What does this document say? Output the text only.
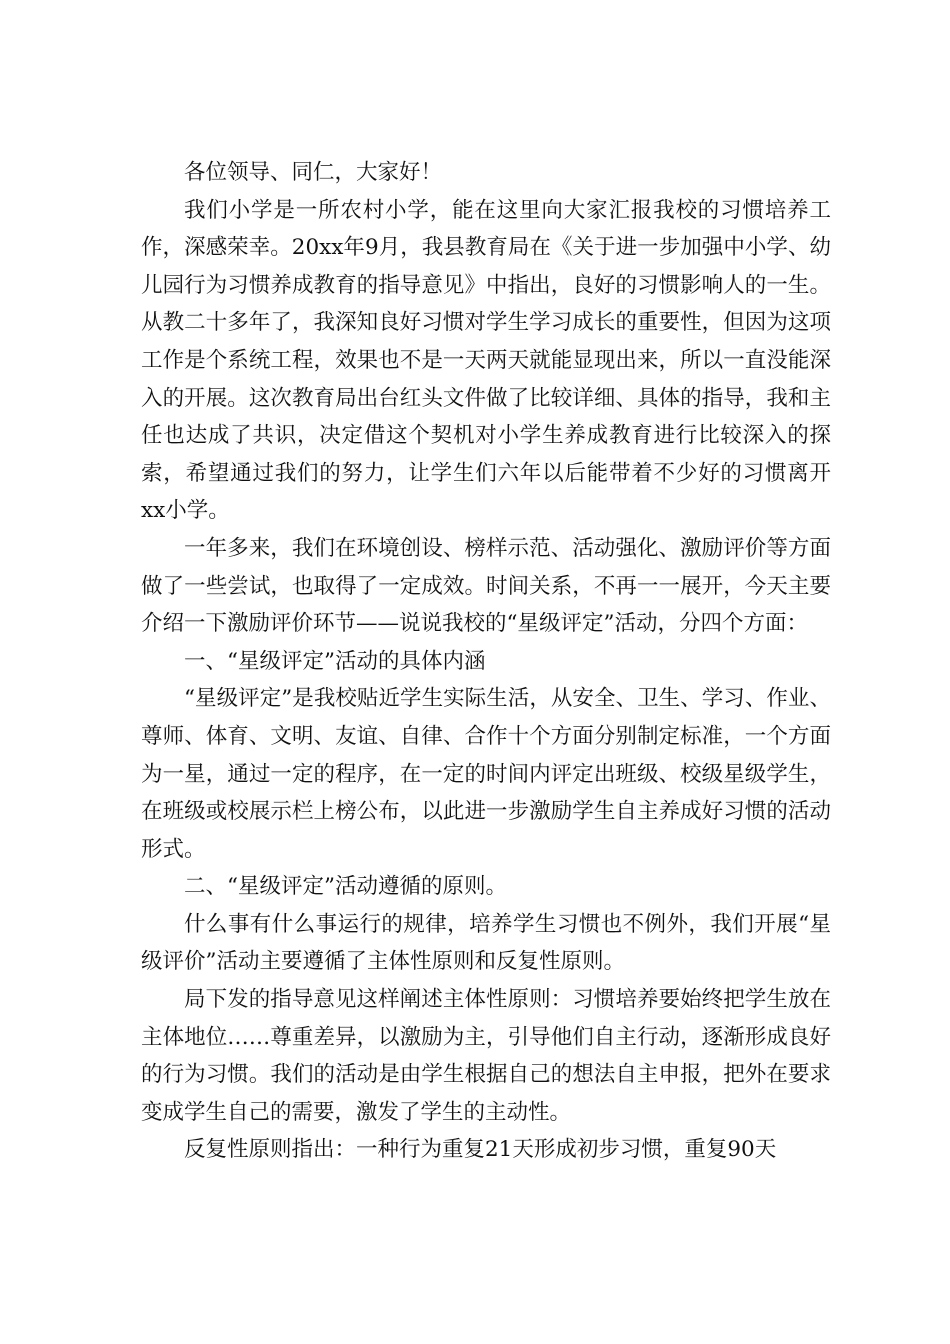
各位领导、同仁，大家好！

我们小学是一所农村小学，能在这里向大家汇报我校的习惯培养工作，深感荣幸。20xx年9月，我县教育局在《关于进一步加强中小学、幼儿园行为习惯养成教育的指导意见》中指出，良好的习惯影响人的一生。从教二十多年了，我深知良好习惯对学生学习成长的重要性，但因为这项工作是个系统工程，效果也不是一天两天就能显现出来，所以一直没能深入的开展。这次教育局出台红头文件做了比较详细、具体的指导，我和主任也达成了共识，决定借这个契机对小学生养成教育进行比较深入的探索，希望通过我们的努力，让学生们六年以后能带着不少好的习惯离开xx小学。

一年多来，我们在环境创设、榜样示范、活动强化、激励评价等方面做了一些尝试，也取得了一定成效。时间关系，不再一一展开，今天主要介绍一下激励评价环节——说说我校的“星级评定”活动，分四个方面：

一、“星级评定”活动的具体内涵

“星级评定”是我校贴近学生实际生活，从安全、卫生、学习、作业、尊师、体育、文明、友谊、自律、合作十个方面分别制定标准，一个方面为一星，通过一定的程序，在一定的时间内评定出班级、校级星级学生，在班级或校展示栏上榜公布，以此进一步激励学生自主养成好习惯的活动形式。

二、“星级评定”活动遵循的原则。

什么事有什么事运行的规律，培养学生习惯也不例外，我们开展“星级评价”活动主要遵循了主体性原则和反复性原则。

局下发的指导意见这样阐述主体性原则：习惯培养要始终把学生放在主体地位……尊重差异，以激励为主，引导他们自主行动，逐渐形成良好的行为习惯。我们的活动是由学生根据自己的想法自主申报，把外在要求变成学生自己的需要，激发了学生的主动性。

反复性原则指出：一种行为重复21天形成初步习惯，重复90天
